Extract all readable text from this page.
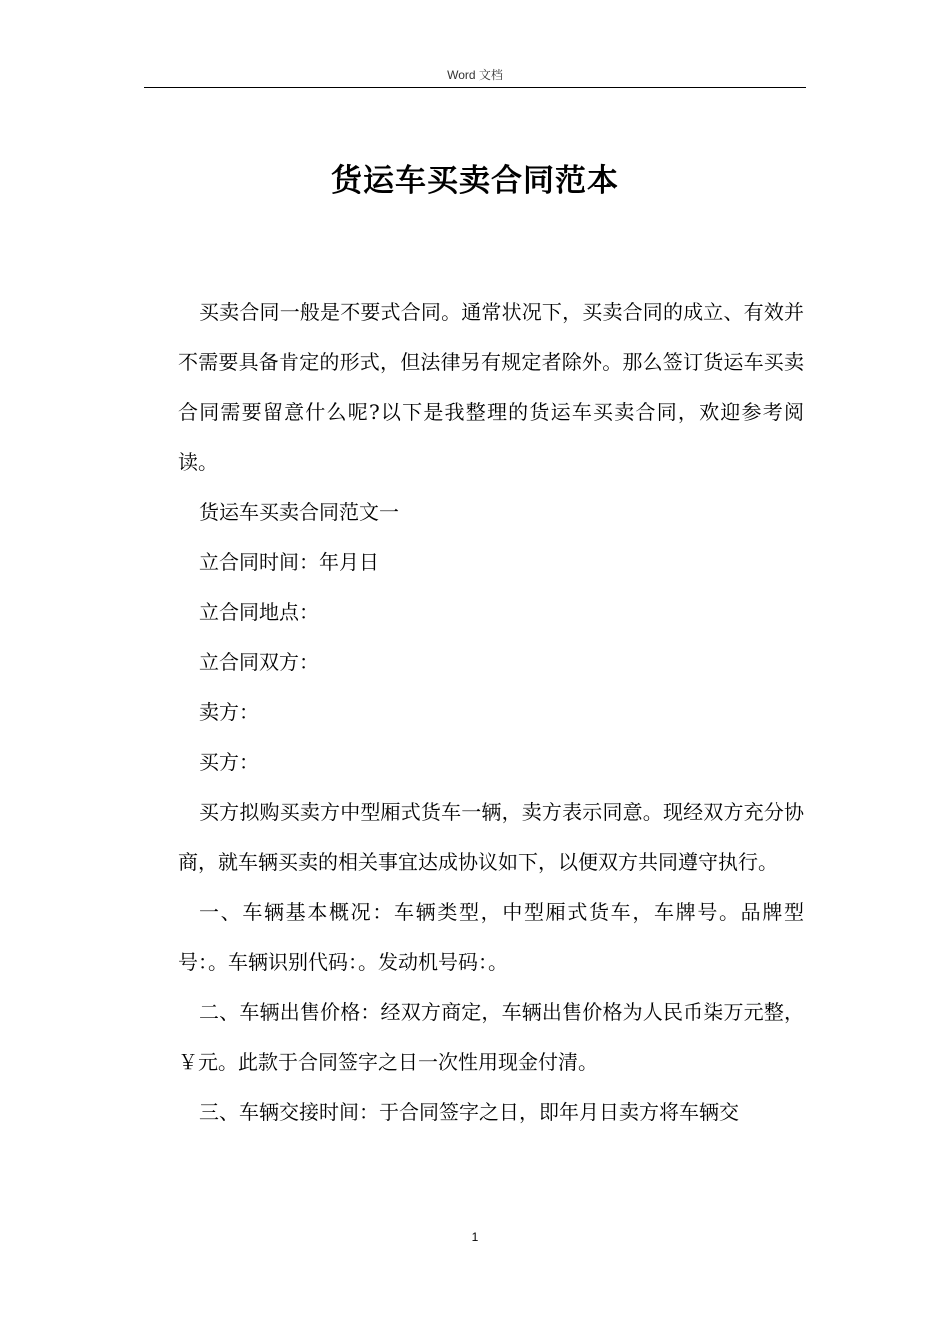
Word 文档
货运车买卖合同范本

买卖合同一般是不要式合同。通常状况下，买卖合同的成立、有效并不需要具备肯定的形式，但法律另有规定者除外。那么签订货运车买卖合同需要留意什么呢?以下是我整理的货运车买卖合同，欢迎参考阅读。

货运车买卖合同范文一

立合同时间：年月日

立合同地点：

立合同双方：

卖方：

买方：

买方拟购买卖方中型厢式货车一辆，卖方表示同意。现经双方充分协商，就车辆买卖的相关事宜达成协议如下，以便双方共同遵守执行。

一、车辆基本概况：车辆类型，中型厢式货车，车牌号。品牌型号：。车辆识别代码：。发动机号码：。

二、车辆出售价格：经双方商定，车辆出售价格为人民币柒万元整，￥元。此款于合同签字之日一次性用现金付清。

三、车辆交接时间：于合同签字之日，即年月日卖方将车辆交

1
